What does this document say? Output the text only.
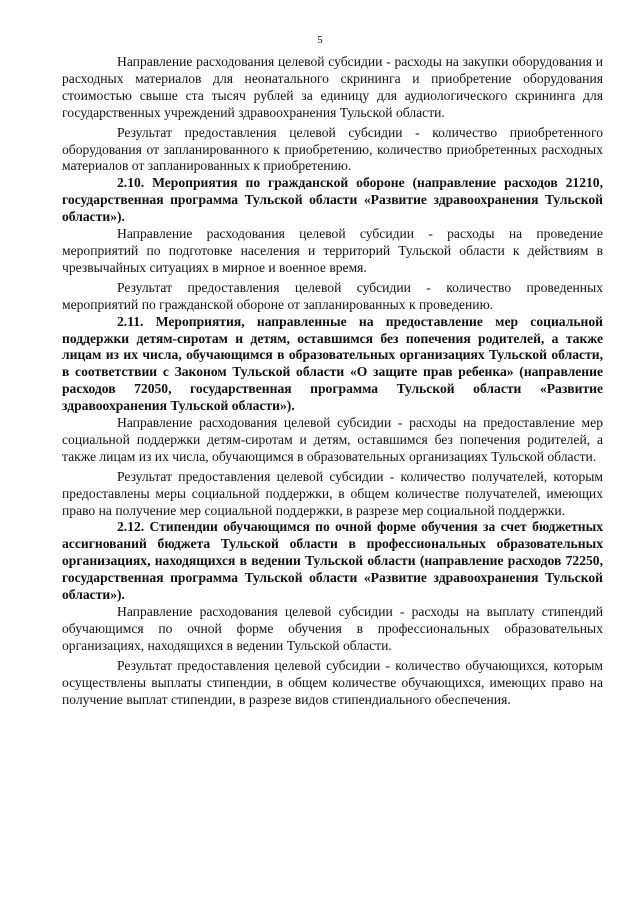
5

Направление расходования целевой субсидии - расходы на закупки оборудования и расходных материалов для неонатального скрининга и приобретение оборудования стоимостью свыше ста тысяч рублей за единицу для аудиологического скрининга для государственных учреждений здравоохранения Тульской области.

Результат предоставления целевой субсидии - количество приобретенного оборудования от запланированного к приобретению, количество приобретенных расходных материалов от запланированных к приобретению.

2.10. Мероприятия по гражданской обороне (направление расходов 21210, государственная программа Тульской области «Развитие здравоохранения Тульской области»).

Направление расходования целевой субсидии - расходы на проведение мероприятий по подготовке населения и территорий Тульской области к действиям в чрезвычайных ситуациях в мирное и военное время.

Результат предоставления целевой субсидии - количество проведенных мероприятий по гражданской обороне от запланированных к проведению.

2.11. Мероприятия, направленные на предоставление мер социальной поддержки детям-сиротам и детям, оставшимся без попечения родителей, а также лицам из их числа, обучающимся в образовательных организациях Тульской области, в соответствии с Законом Тульской области «О защите прав ребенка» (направление расходов 72050, государственная программа Тульской области «Развитие здравоохранения Тульской области»).

Направление расходования целевой субсидии - расходы на предоставление мер социальной поддержки детям-сиротам и детям, оставшимся без попечения родителей, а также лицам из их числа, обучающимся в образовательных организациях Тульской области.

Результат предоставления целевой субсидии - количество получателей, которым предоставлены меры социальной поддержки, в общем количестве получателей, имеющих право на получение мер социальной поддержки, в разрезе мер социальной поддержки.

2.12. Стипендии обучающимся по очной форме обучения за счет бюджетных ассигнований бюджета Тульской области в профессиональных образовательных организациях, находящихся в ведении Тульской области (направление расходов 72250, государственная программа Тульской области «Развитие здравоохранения Тульской области»).

Направление расходования целевой субсидии - расходы на выплату стипендий обучающимся по очной форме обучения в профессиональных образовательных организациях, находящихся в ведении Тульской области.

Результат предоставления целевой субсидии - количество обучающихся, которым осуществлены выплаты стипендии, в общем количестве обучающихся, имеющих право на получение выплат стипендии, в разрезе видов стипендиального обеспечения.
